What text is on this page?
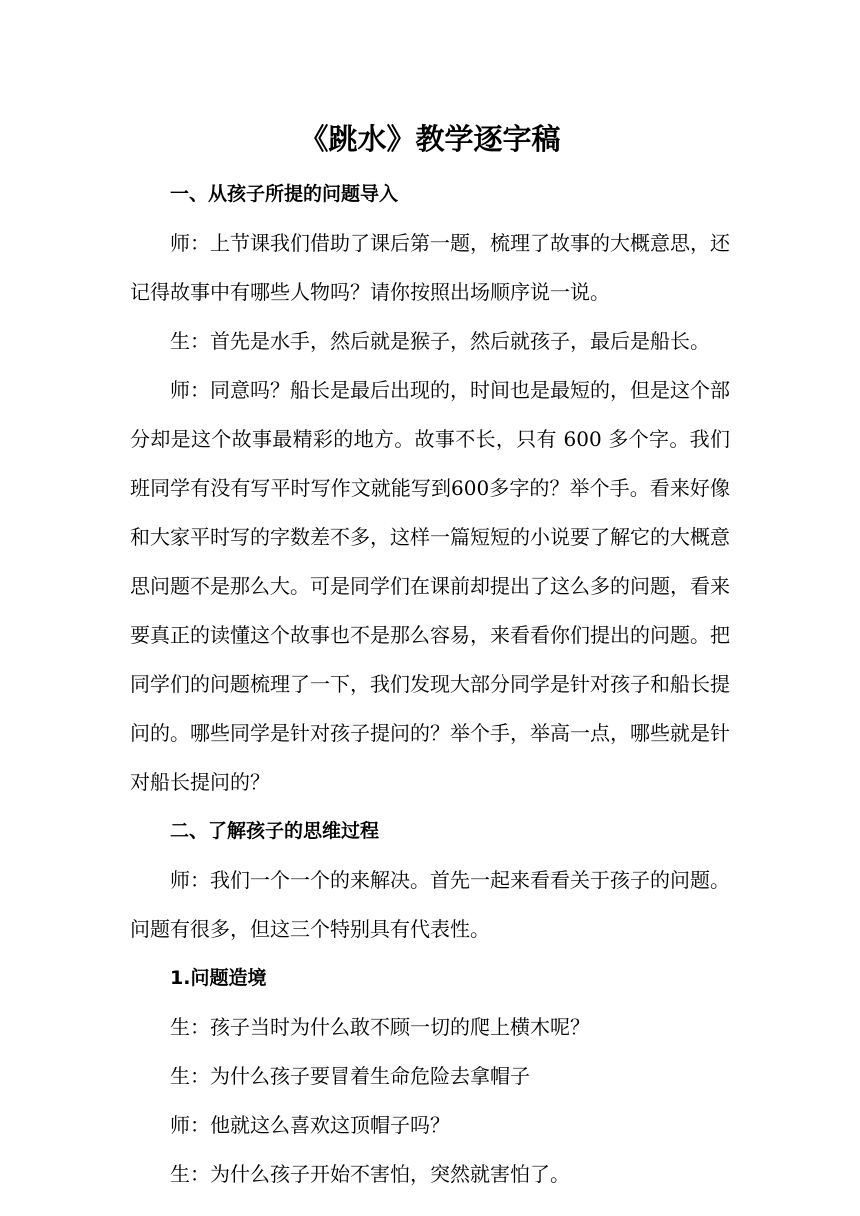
《跳水》教学逐字稿

一、从孩子所提的问题导入

师：上节课我们借助了课后第一题，梳理了故事的大概意思，还记得故事中有哪些人物吗？请你按照出场顺序说一说。

生：首先是水手，然后就是猴子，然后就孩子，最后是船长。

师：同意吗？船长是最后出现的，时间也是最短的，但是这个部分却是这个故事最精彩的地方。故事不长，只有 600 多个字。我们班同学有没有写平时写作文就能写到600多字的？举个手。看来好像和大家平时写的字数差不多，这样一篇短短的小说要了解它的大概意思问题不是那么大。可是同学们在课前却提出了这么多的问题，看来要真正的读懂这个故事也不是那么容易，来看看你们提出的问题。把同学们的问题梳理了一下，我们发现大部分同学是针对孩子和船长提问的。哪些同学是针对孩子提问的？举个手，举高一点，哪些就是针对船长提问的？

二、了解孩子的思维过程

师：我们一个一个的来解决。首先一起来看看关于孩子的问题。问题有很多，但这三个特别具有代表性。

1.问题造境

生：孩子当时为什么敢不顾一切的爬上横木呢？

生：为什么孩子要冒着生命危险去拿帽子

师：他就这么喜欢这顶帽子吗？

生：为什么孩子开始不害怕，突然就害怕了。
